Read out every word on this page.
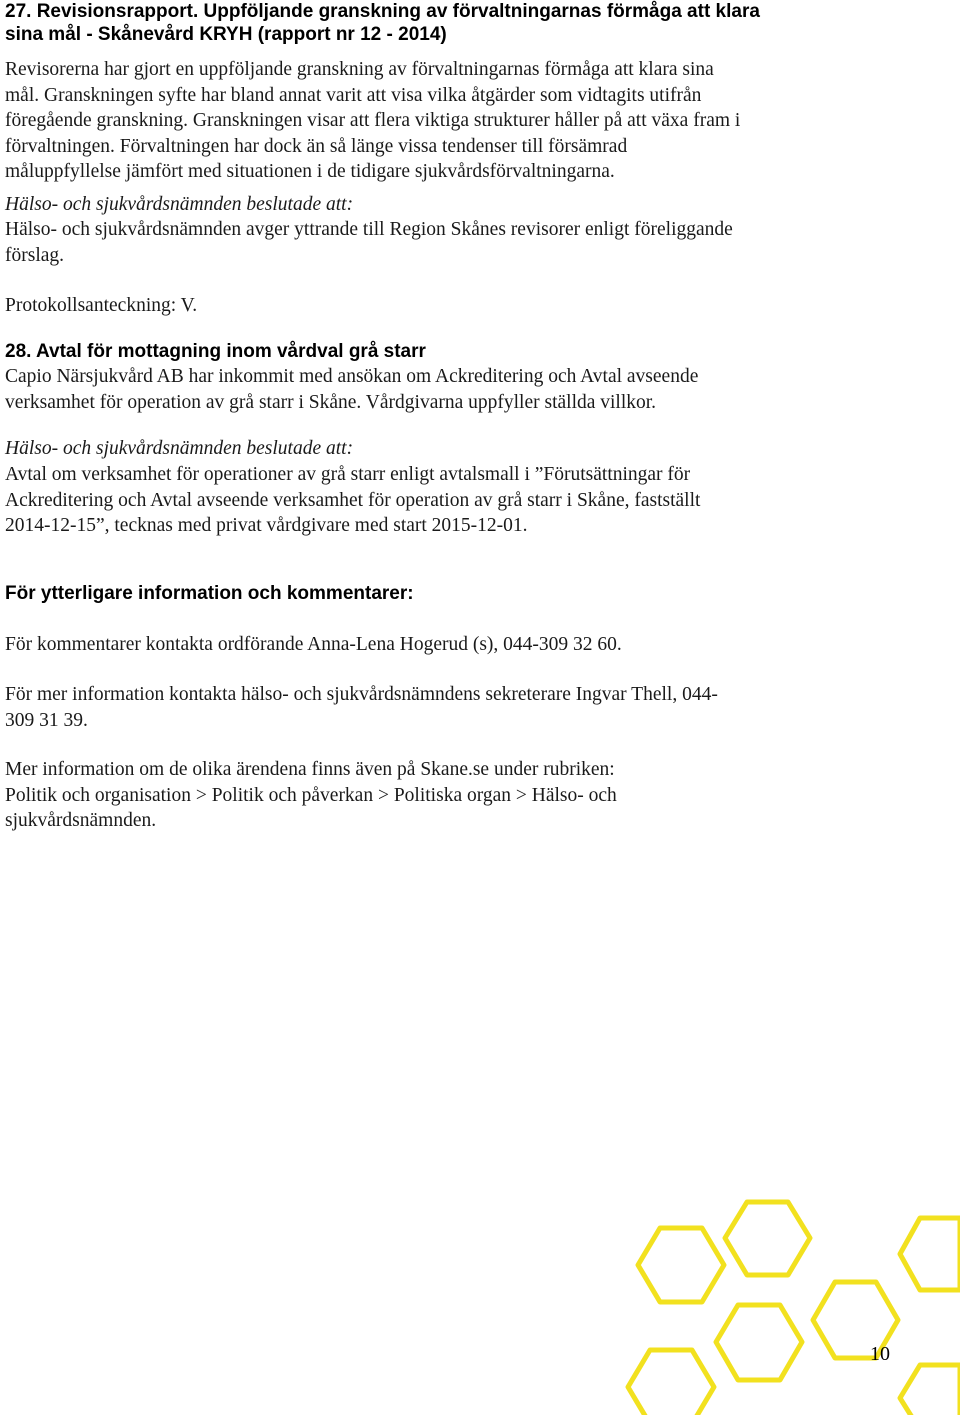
27. Revisionsrapport. Uppföljande granskning av förvaltningarnas förmåga att klara
sina mål - Skånevård KRYH (rapport nr 12 - 2014)

Revisorerna har gjort en uppföljande granskning av förvaltningarnas förmåga att klara sina
mål. Granskningen syfte har bland annat varit att visa vilka åtgärder som vidtagits utifrån
föregående granskning. Granskningen visar att flera viktiga strukturer håller på att växa fram i
förvaltningen. Förvaltningen har dock än så länge vissa tendenser till försämrad
måluppfyllelse jämfört med situationen i de tidigare sjukvårdsförvaltningarna.

Hälso- och sjukvårdsnämnden beslutade att:

Hälso- och sjukvårdsnämnden avger yttrande till Region Skånes revisorer enligt föreliggande
förslag.

Protokollsanteckning: V.

28. Avtal för mottagning inom vårdval grå starr

Capio Närsjukvård AB har inkommit med ansökan om Ackreditering och Avtal avseende
verksamhet för operation av grå starr i Skåne. Vårdgivarna uppfyller ställda villkor.

Hälso- och sjukvårdsnämnden beslutade att:

Avtal om verksamhet för operationer av grå starr enligt avtalsmall i ”Förutsättningar för
Ackreditering och Avtal avseende verksamhet för operation av grå starr i Skåne, fastställt
2014-12-15”, tecknas med privat vårdgivare med start 2015-12-01.

För ytterligare information och kommentarer:

För kommentarer kontakta ordförande Anna-Lena Hogerud (s), 044-309 32 60.

För mer information kontakta hälso- och sjukvårdsnämndens sekreterare Ingvar Thell, 044-
309 31 39.

Mer information om de olika ärendena finns även på Skane.se under rubriken:
Politik och organisation > Politik och påverkan > Politiska organ > Hälso- och
sjukvårdsnämnden.

10
